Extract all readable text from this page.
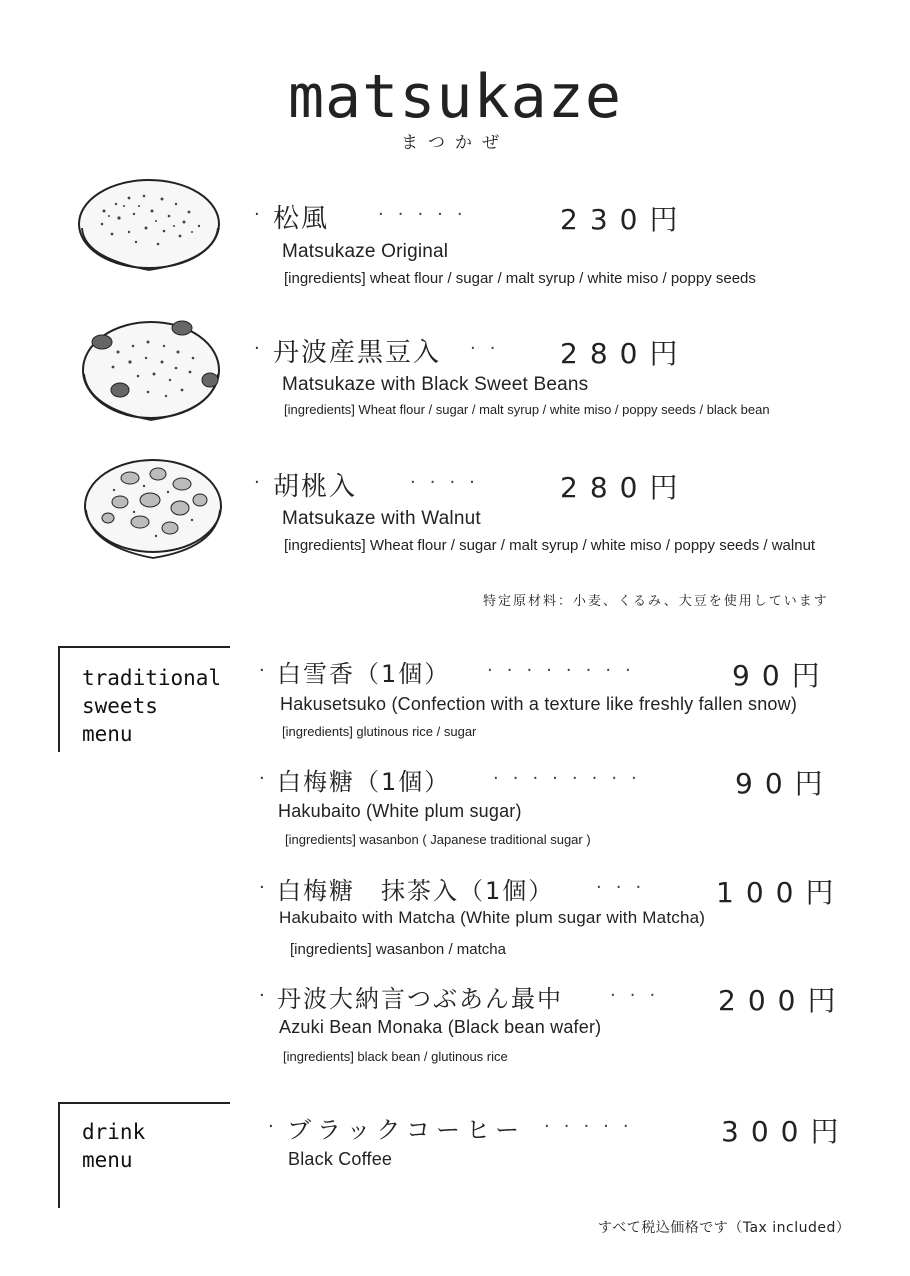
matsukaze
まつかぜ
· 松風	·····	230円
Matsukaze Original
[ingredients] wheat flour / sugar / malt syrup / white miso / poppy seeds
· 丹波産黒豆入 ·· 280円
Matsukaze with Black Sweet Beans
[ingredients] Wheat flour / sugar / malt syrup / white miso / poppy seeds / black bean
· 胡桃入	····	280円
Matsukaze with Walnut
[ingredients] Wheat flour / sugar / malt syrup / white miso / poppy seeds / walnut
特定原材料：小麦、くるみ、大豆を使用しています
traditional
sweets
menu
· 白雪香（1個） ········	90円
Hakusetsuko (Confection with a texture like freshly fallen snow)
[ingredients] glutinous rice / sugar
· 白梅糖（1個） ········	90円
Hakubaito (White plum sugar)
[ingredients] wasanbon ( Japanese traditional sugar )
· 白梅糖　抹茶入（1個） ··· 100円
Hakubaito with Matcha (White plum sugar with Matcha)
[ingredients] wasanbon / matcha
· 丹波大納言つぶあん最中	··· 200円
Azuki Bean Monaka (Black bean wafer)
[ingredients] black bean / glutinous rice
drink
menu
· ブラックコーヒー ·····	300円
Black Coffee
すべて税込価格です（Tax included）
